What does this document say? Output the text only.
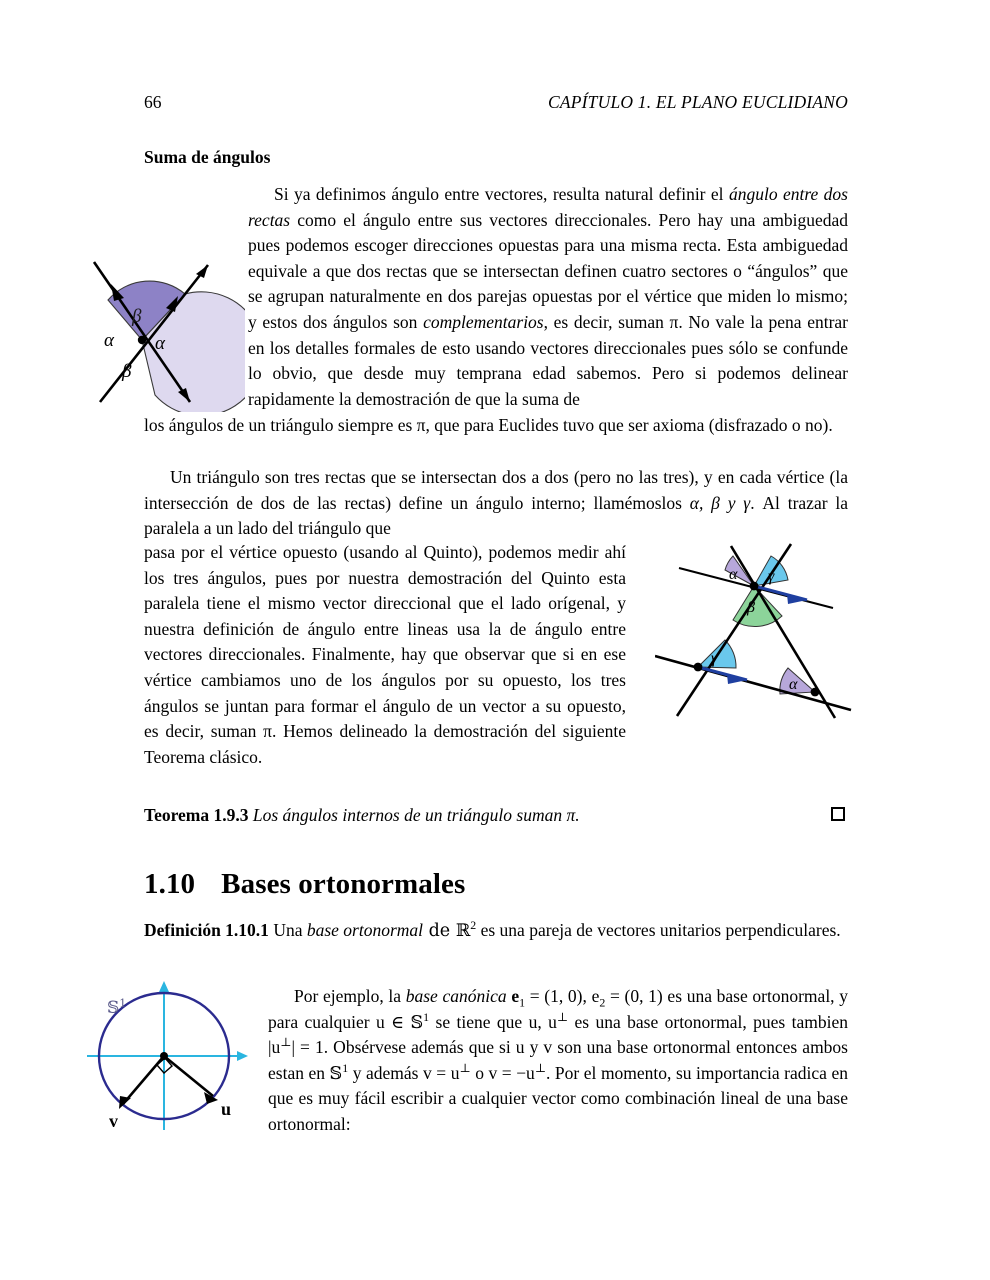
66	CAPÍTULO 1. EL PLANO EUCLIDIANO
Suma de ángulos

Si ya definimos ángulo entre vectores, resulta natural definir el ángulo entre dos rectas como el ángulo entre sus vectores direccionales. Pero hay una ambiguedad pues podemos escoger direcciones opuestas para una misma recta. Esta ambiguedad equivale a que dos rectas que se intersectan definen cuatro sectores o “ángulos” que se agrupan naturalmente en dos parejas opuestas por el vértice que miden lo mismo; y estos dos ángulos son complementarios, es decir, suman π. No vale la pena entrar en los detalles formales de esto usando vectores direccionales pues sólo se confunde lo obvio, que desde muy temprana edad sabemos. Pero si podemos delinear rapidamente la demostración de que la suma de

los ángulos de un triángulo siempre es π, que para Euclides tuvo que ser axioma (disfrazado o no).

Un triángulo son tres rectas que se intersectan dos a dos (pero no las tres), y en cada vértice (la intersección de dos de las rectas) define un ángulo interno; llamémoslos α, β y γ. Al trazar la paralela a un lado del triángulo que

pasa por el vértice opuesto (usando al Quinto), podemos medir ahí los tres ángulos, pues por nuestra demostración del Quinto esta paralela tiene el mismo vector direccional que el lado orígenal, y nuestra definición de ángulo entre lineas usa la de ángulo entre vectores direccionales. Finalmente, hay que observar que si en ese vértice cambiamos uno de los ángulos por su opuesto, los tres ángulos se juntan para formar el ángulo de un vector a su opuesto, es decir, suman π. Hemos delineado la demostración del siguiente Teorema clásico.

Teorema 1.9.3 Los ángulos internos de un triángulo suman π.

1.10 Bases ortonormales

Definición 1.10.1 Una base ortonormal de ℝ$^2$ es una pareja de vectores unitarios perpendiculares.

Por ejemplo, la base canónica $e_1 = (1$, 0), $e_2 = (0$, 1) es una base ortonormal, y para cualquier u ∈ 𝕊$^1$ se tiene que u, u⊥ es una base ortonormal, pues tambien |u⊥| = 1. Obsérvese además que si u y v son una base ortonormal entonces ambos estan en 𝕊$^1$ y además v = u⊥ o v = −u⊥. Por el momento, su importancia radica en que es muy fácil escribir a cualquier vector como combinación lineal de una base ortonormal:

α α
β
β
α γ
β
γ
α
𝕊$^1$
u
v
